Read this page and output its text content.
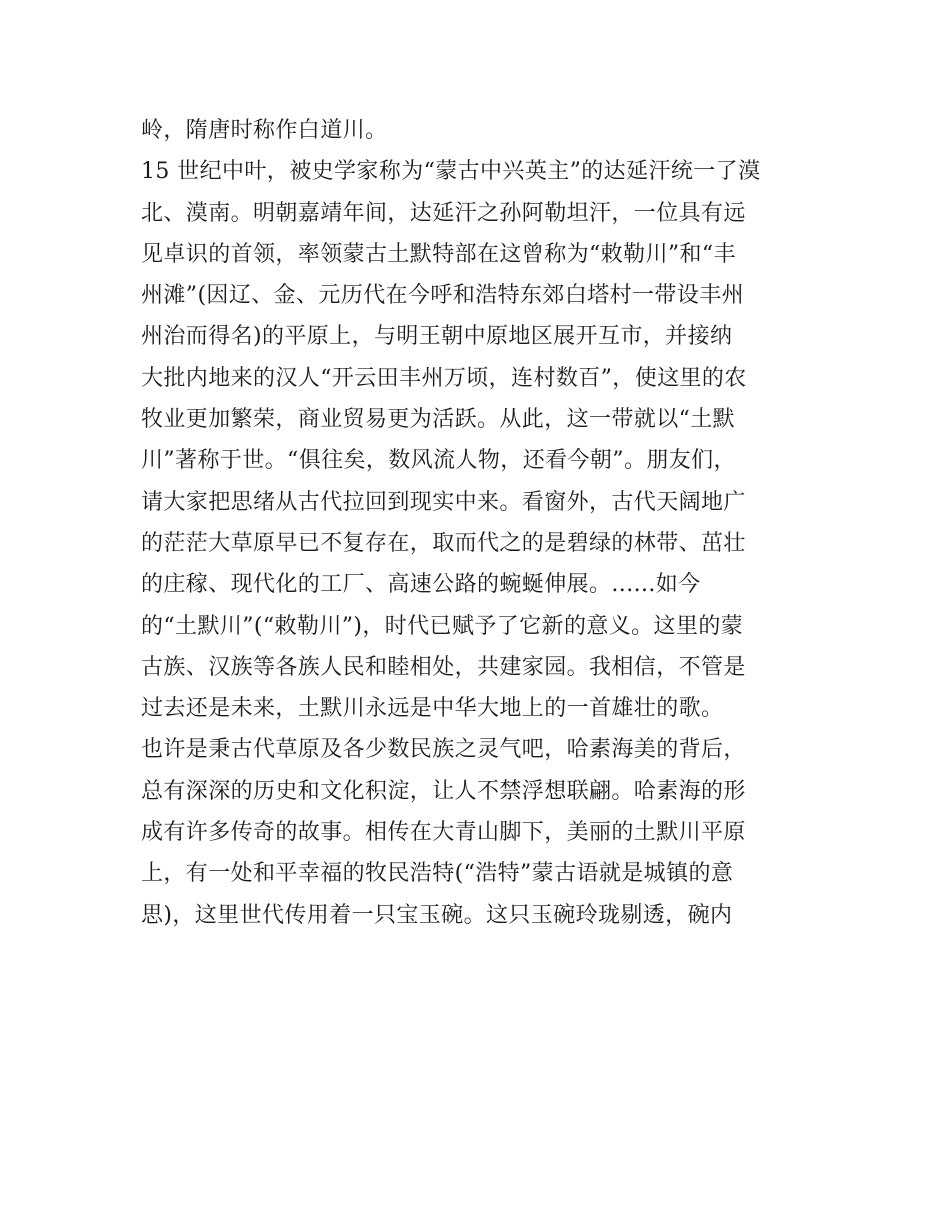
岭，隋唐时称作白道川。
15 世纪中叶，被史学家称为“蒙古中兴英主”的达延汗统一了漠
北、漠南。明朝嘉靖年间，达延汗之孙阿勒坦汗，一位具有远
见卓识的首领，率领蒙古土默特部在这曾称为“敕勒川”和“丰
州滩”(因辽、金、元历代在今呼和浩特东郊白塔村一带设丰州
州治而得名)的平原上，与明王朝中原地区展开互市，并接纳
大批内地来的汉人“开云田丰州万顷，连村数百”，使这里的农
牧业更加繁荣，商业贸易更为活跃。从此，这一带就以“土默
川”著称于世。“俱往矣，数风流人物，还看今朝”。朋友们，
请大家把思绪从古代拉回到现实中来。看窗外，古代天阔地广
的茫茫大草原早已不复存在，取而代之的是碧绿的林带、茁壮
的庄稼、现代化的工厂、高速公路的蜿蜒伸展。......如今
的“土默川”(“敕勒川”)，时代已赋予了它新的意义。这里的蒙
古族、汉族等各族人民和睦相处，共建家园。我相信，不管是
过去还是未来，土默川永远是中华大地上的一首雄壮的歌。
也许是秉古代草原及各少数民族之灵气吧，哈素海美的背后，
总有深深的历史和文化积淀，让人不禁浮想联翩。哈素海的形
成有许多传奇的故事。相传在大青山脚下，美丽的土默川平原
上，有一处和平幸福的牧民浩特(“浩特”蒙古语就是城镇的意
思)，这里世代传用着一只宝玉碗。这只玉碗玲珑剔透，碗内
